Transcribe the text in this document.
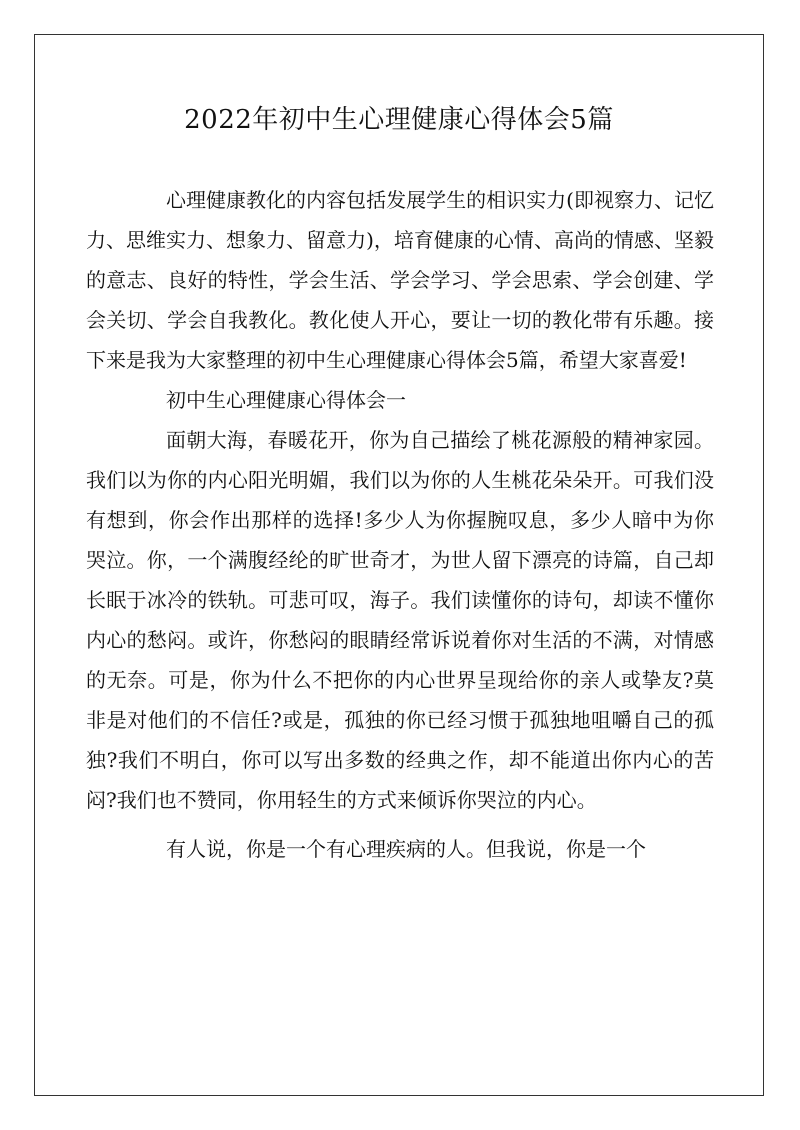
2022年初中生心理健康心得体会5篇

心理健康教化的内容包括发展学生的相识实力(即视察力、记忆力、思维实力、想象力、留意力)，培育健康的心情、高尚的情感、坚毅的意志、良好的特性，学会生活、学会学习、学会思索、学会创建、学会关切、学会自我教化。教化使人开心，要让一切的教化带有乐趣。接下来是我为大家整理的初中生心理健康心得体会5篇，希望大家喜爱!

初中生心理健康心得体会一

面朝大海，春暖花开，你为自己描绘了桃花源般的精神家园。我们以为你的内心阳光明媚，我们以为你的人生桃花朵朵开。可我们没有想到，你会作出那样的选择!多少人为你握腕叹息，多少人暗中为你哭泣。你，一个满腹经纶的旷世奇才，为世人留下漂亮的诗篇，自己却长眠于冰冷的铁轨。可悲可叹，海子。我们读懂你的诗句，却读不懂你内心的愁闷。或许，你愁闷的眼睛经常诉说着你对生活的不满，对情感的无奈。可是，你为什么不把你的内心世界呈现给你的亲人或挚友?莫非是对他们的不信任?或是，孤独的你已经习惯于孤独地咀嚼自己的孤独?我们不明白，你可以写出多数的经典之作，却不能道出你内心的苦闷?我们也不赞同，你用轻生的方式来倾诉你哭泣的内心。

有人说，你是一个有心理疾病的人。但我说，你是一个
